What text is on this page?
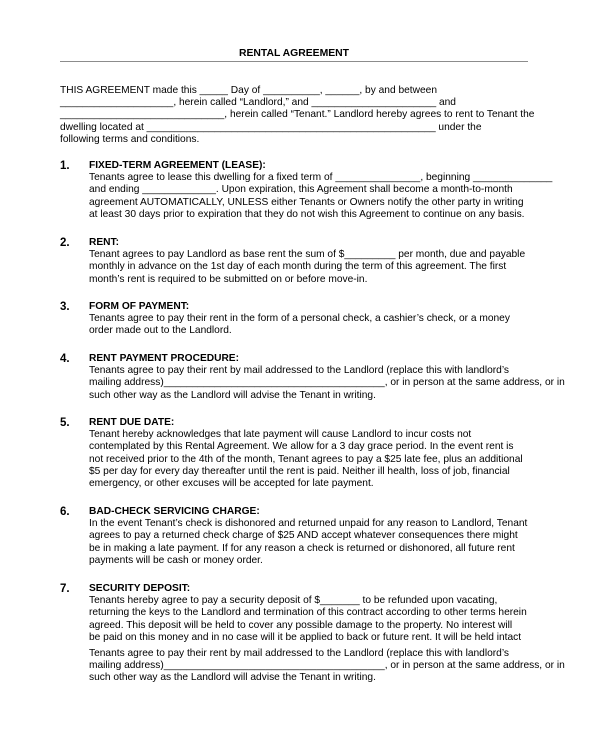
RENTAL AGREEMENT
THIS AGREEMENT made this _____ Day of __________, ______, by and between
____________________, herein called “Landlord,” and ______________________ and
_____________________________, herein called “Tenant.” Landlord hereby agrees to rent to Tenant the
dwelling located at ___________________________________________________ under the
following terms and conditions.
1.	FIXED-TERM AGREEMENT (LEASE):
Tenants agree to lease this dwelling for a fixed term of _______________, beginning ______________
and ending _____________. Upon expiration, this Agreement shall become a month-to-month
agreement AUTOMATICALLY, UNLESS either Tenants or Owners notify the other party in writing
at least 30 days prior to expiration that they do not wish this Agreement to continue on any basis.
2.	RENT:
Tenant agrees to pay Landlord as base rent the sum of $_________ per month, due and payable
monthly in advance on the 1st day of each month during the term of this agreement. The first
month’s rent is required to be submitted on or before move-in.
3.	FORM OF PAYMENT:
Tenants agree to pay their rent in the form of a personal check, a cashier’s check, or a money
order made out to the Landlord.
4.	RENT PAYMENT PROCEDURE:
Tenants agree to pay their rent by mail addressed to the Landlord (replace this with landlord’s
mailing address)_______________________________________, or in person at the same address, or in
such other way as the Landlord will advise the Tenant in writing.
5.	RENT DUE DATE:
Tenant hereby acknowledges that late payment will cause Landlord to incur costs not
contemplated by this Rental Agreement. We allow for a 3 day grace period. In the event rent is
not received prior to the 4th of the month, Tenant agrees to pay a $25 late fee, plus an additional
$5 per day for every day thereafter until the rent is paid. Neither ill health, loss of job, financial
emergency, or other excuses will be accepted for late payment.
6.	BAD-CHECK SERVICING CHARGE:
In the event Tenant’s check is dishonored and returned unpaid for any reason to Landlord, Tenant
agrees to pay a returned check charge of $25 AND accept whatever consequences there might
be in making a late payment. If for any reason a check is returned or dishonored, all future rent
payments will be cash or money order.
7.	SECURITY DEPOSIT:
Tenants hereby agree to pay a security deposit of $_______ to be refunded upon vacating,
returning the keys to the Landlord and termination of this contract according to other terms herein
agreed. This deposit will be held to cover any possible damage to the property. No interest will
be paid on this money and in no case will it be applied to back or future rent. It will be held intact
Tenants agree to pay their rent by mail addressed to the Landlord (replace this with landlord’s
mailing address)_______________________________________, or in person at the same address, or in
such other way as the Landlord will advise the Tenant in writing.
